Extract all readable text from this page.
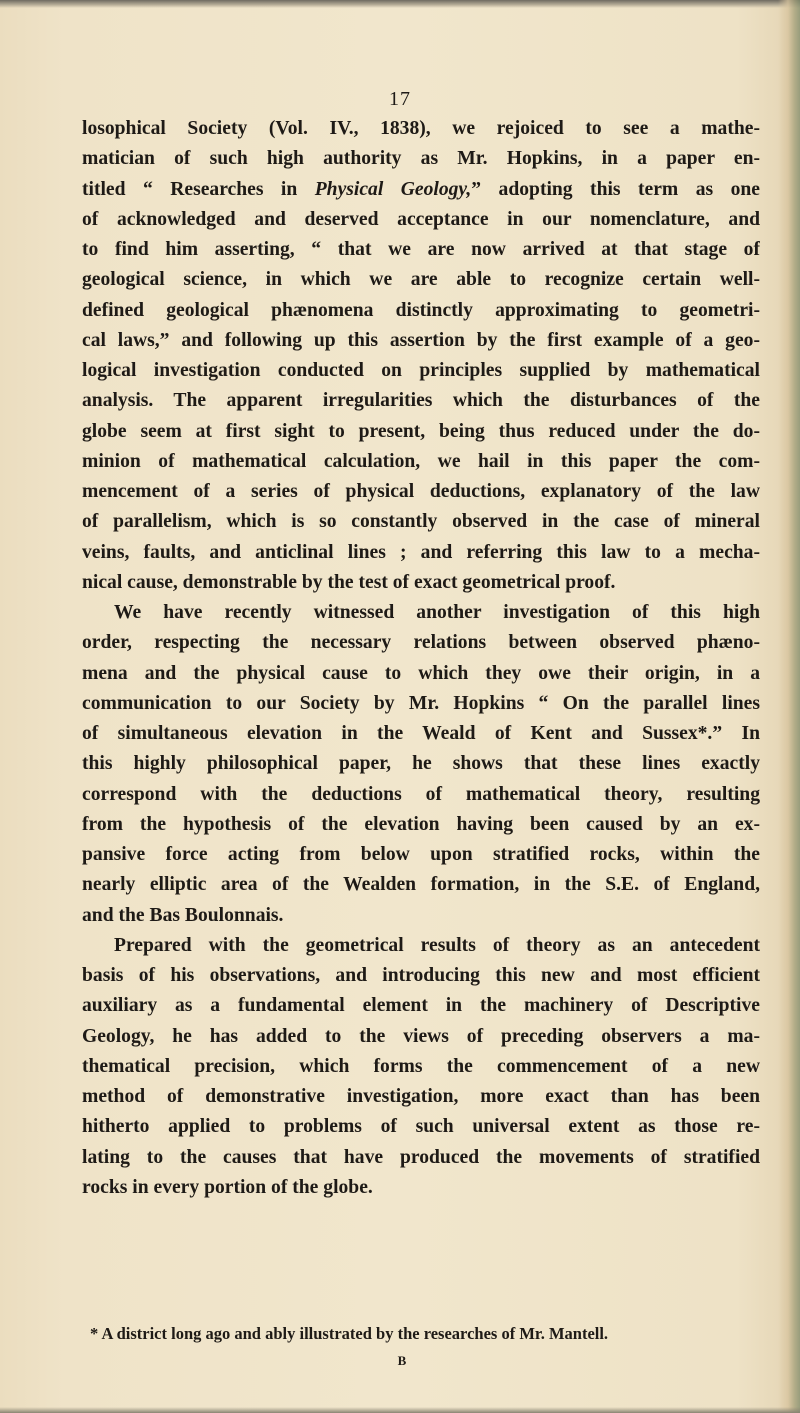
17
losophical Society (Vol. IV., 1838), we rejoiced to see a mathe-
matician of such high authority as Mr. Hopkins, in a paper en-
titled “ Researches in Physical Geology,” adopting this term as one
of acknowledged and deserved acceptance in our nomenclature, and
to find him asserting, “ that we are now arrived at that stage of
geological science, in which we are able to recognize certain well-
defined geological phænomena distinctly approximating to geometri-
cal laws,” and following up this assertion by the first example of a geo-
logical investigation conducted on principles supplied by mathematical
analysis. The apparent irregularities which the disturbances of the
globe seem at first sight to present, being thus reduced under the do-
minion of mathematical calculation, we hail in this paper the com-
mencement of a series of physical deductions, explanatory of the law
of parallelism, which is so constantly observed in the case of mineral
veins, faults, and anticlinal lines ; and referring this law to a mecha-
nical cause, demonstrable by the test of exact geometrical proof.
We have recently witnessed another investigation of this high
order, respecting the necessary relations between observed phæno-
mena and the physical cause to which they owe their origin, in a
communication to our Society by Mr. Hopkins “ On the parallel lines
of simultaneous elevation in the Weald of Kent and Sussex*.” In
this highly philosophical paper, he shows that these lines exactly
correspond with the deductions of mathematical theory, resulting
from the hypothesis of the elevation having been caused by an ex-
pansive force acting from below upon stratified rocks, within the
nearly elliptic area of the Wealden formation, in the S.E. of England,
and the Bas Boulonnais.
Prepared with the geometrical results of theory as an antecedent
basis of his observations, and introducing this new and most efficient
auxiliary as a fundamental element in the machinery of Descriptive
Geology, he has added to the views of preceding observers a ma-
thematical precision, which forms the commencement of a new
method of demonstrative investigation, more exact than has been
hitherto applied to problems of such universal extent as those re-
lating to the causes that have produced the movements of stratified
rocks in every portion of the globe.
* A district long ago and ably illustrated by the researches of Mr. Mantell.
B
